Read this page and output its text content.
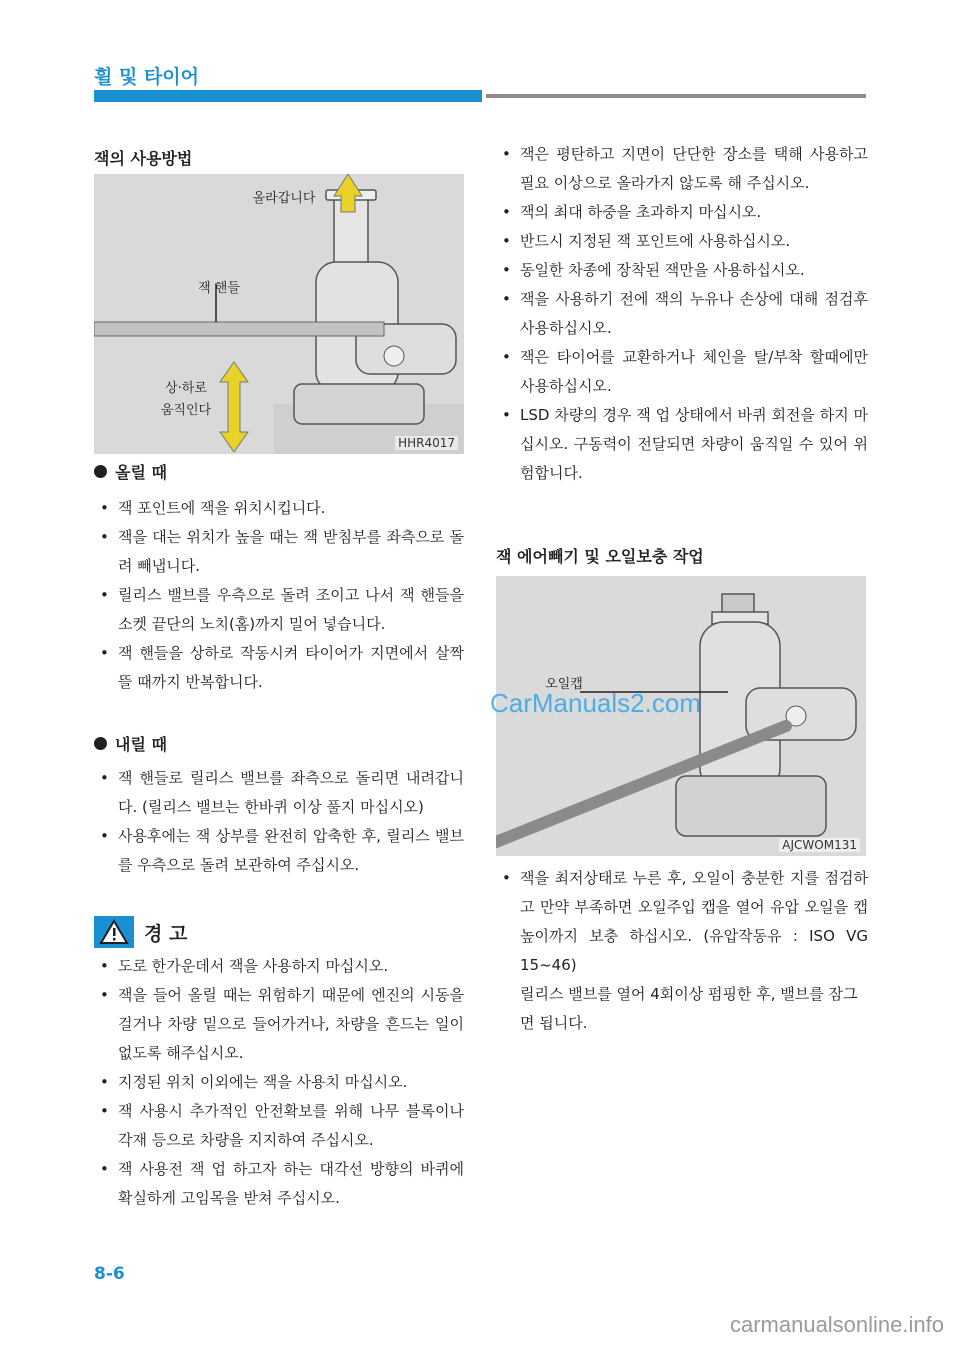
휠 및 타이어
잭의 사용방법
올라갑니다
잭 핸들
상·하로
움직인다
HHR4017
올릴 때
• 잭 포인트에 잭을 위치시킵니다.
• 잭을 대는 위치가 높을 때는 잭 받침부를 좌측으로 돌려 빼냅니다.
• 릴리스 밸브를 우측으로 돌려 조이고 나서 잭 핸들을 소켓 끝단의 노치(홈)까지 밀어 넣습니다.
• 잭 핸들을 상하로 작동시켜 타이어가 지면에서 살짝 뜰 때까지 반복합니다.
내릴 때
• 잭 핸들로 릴리스 밸브를 좌측으로 돌리면 내려갑니다. (릴리스 밸브는 한바퀴 이상 풀지 마십시오)
• 사용후에는 잭 상부를 완전히 압축한 후, 릴리스 밸브를 우측으로 돌려 보관하여 주십시오.
경 고
• 도로 한가운데서 잭을 사용하지 마십시오.
• 잭을 들어 올릴 때는 위험하기 때문에 엔진의 시동을 걸거나 차량 밑으로 들어가거나, 차량을 흔드는 일이 없도록 해주십시오.
• 지정된 위치 이외에는 잭을 사용치 마십시오.
• 잭 사용시 추가적인 안전확보를 위해 나무 블록이나 각재 등으로 차량을 지지하여 주십시오.
• 잭 사용전 잭 업 하고자 하는 대각선 방향의 바퀴에 확실하게 고임목을 받쳐 주십시오.
• 잭은 평탄하고 지면이 단단한 장소를 택해 사용하고 필요 이상으로 올라가지 않도록 해 주십시오.
• 잭의 최대 하중을 초과하지 마십시오.
• 반드시 지정된 잭 포인트에 사용하십시오.
• 동일한 차종에 장착된 잭만을 사용하십시오.
• 잭을 사용하기 전에 잭의 누유나 손상에 대해 점검후 사용하십시오.
• 잭은 타이어를 교환하거나 체인을 탈/부착 할때에만 사용하십시오.
• LSD 차량의 경우 잭 업 상태에서 바퀴 회전을 하지 마십시오. 구동력이 전달되면 차량이 움직일 수 있어 위험합니다.
잭 에어빼기 및 오일보충 작업
오일캡
AJCWOM131
• 잭을 최저상태로 누른 후, 오일이 충분한 지를 점검하고 만약 부족하면 오일주입 캡을 열어 유압 오일을 캡 높이까지 보충 하십시오. (유압작동유 : ISO VG 15~46)
릴리스 밸브를 열어 4회이상 펌핑한 후, 밸브를 잠그면 됩니다.
CarManuals2.com
8-6
carmanualsonline.info
